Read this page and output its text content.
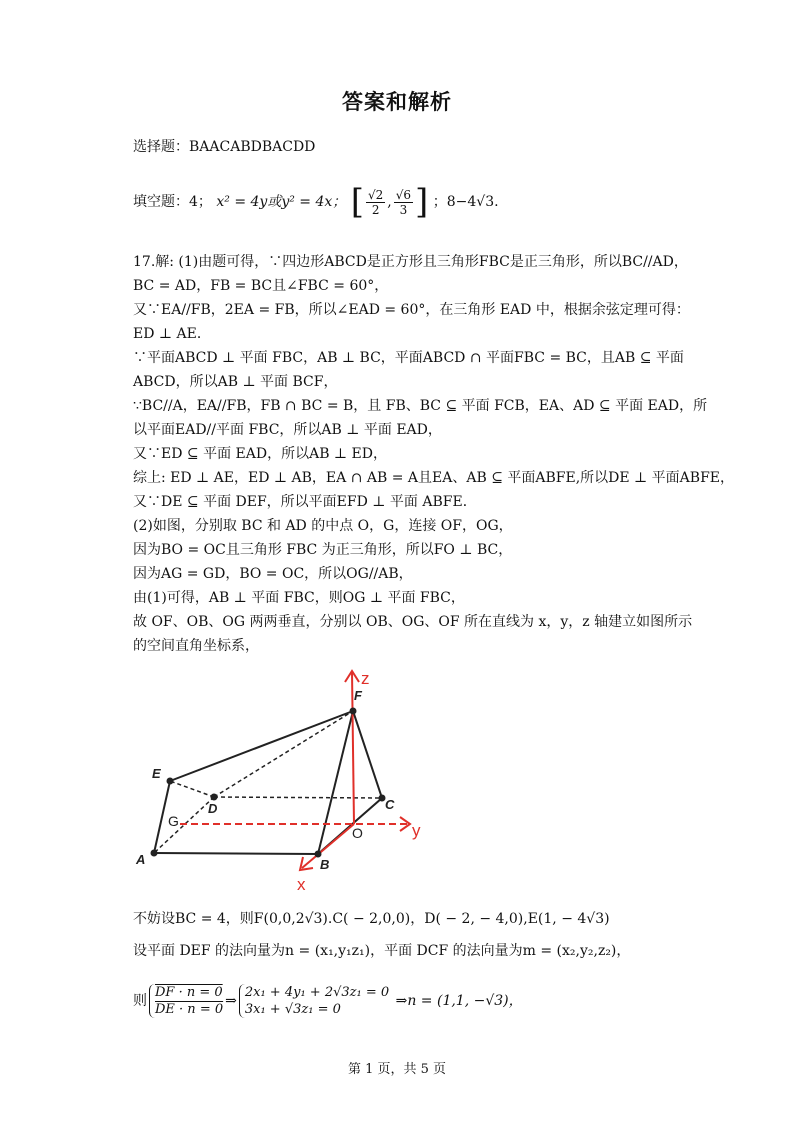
答案和解析
选择题：BAACABDBACDD
填空题：4； x² = 4y或y² = 4x； [ $\frac{√2}{2}$ , $\frac{√6}{3}$ ] ；8−4√3.
17.解: (1)由题可得，∵四边形ABCD是正方形且三角形FBC是正三角形，所以BC//AD，
BC = AD，FB = BC且∠FBC = 60°，
又∵EA//FB，2EA = FB，所以∠EAD = 60°，在三角形 EAD 中，根据余弦定理可得：
ED ⊥ AE．
∵平面ABCD ⊥ 平面 FBC，AB ⊥ BC，平面ABCD ∩ 平面FBC = BC，且AB ⊆ 平面
ABCD，所以AB ⊥ 平面 BCF，
∵BC//A，EA//FB，FB ∩ BC = B，且 FB、BC ⊆ 平面 FCB，EA、AD ⊆ 平面 EAD，所
以平面EAD//平面 FBC，所以AB ⊥ 平面 EAD，
又∵ED ⊆ 平面 EAD，所以AB ⊥ ED，
综上: ED ⊥ AE，ED ⊥ AB，EA ∩ AB = A且EA、AB ⊆ 平面ABFE,所以DE ⊥ 平面ABFE，
又∵DE ⊆ 平面 DEF，所以平面EFD ⊥ 平面 ABFE．
(2)如图，分别取 BC 和 AD 的中点 O，G，连接 OF，OG，
因为BO = OC且三角形 FBC 为正三角形，所以FO ⊥ BC，
因为AG = GD，BO = OC，所以OG//AB，
由(1)可得，AB ⊥ 平面 FBC，则OG ⊥ 平面 FBC，
故 OF、OB、OG 两两垂直，分别以 OB、OG、OF 所在直线为 x，y，z 轴建立如图所示
的空间直角坐标系，
E
D	C
F
A	B
G
O	y
z
x
不妨设BC = 4，则F(0,0,2√3).C( − 2,0,0)，D( − 2, − 4,0),E(1, − 4√3)
设平面 DEF 的法向量为n = (x₁,y₁z₁)，平面 DCF 的法向量为m = (x₂,y₂,z₂)，
则 $\frac{DF \cdot n = 0}{DE \cdot n = 0}$ ⇒2x₁ + 4y₁ + 2√3z₁ = 0
3x₁ + √3z₁ = 0 ⇒n = (1,1, −√3)，
第 1 页，共 5 页
